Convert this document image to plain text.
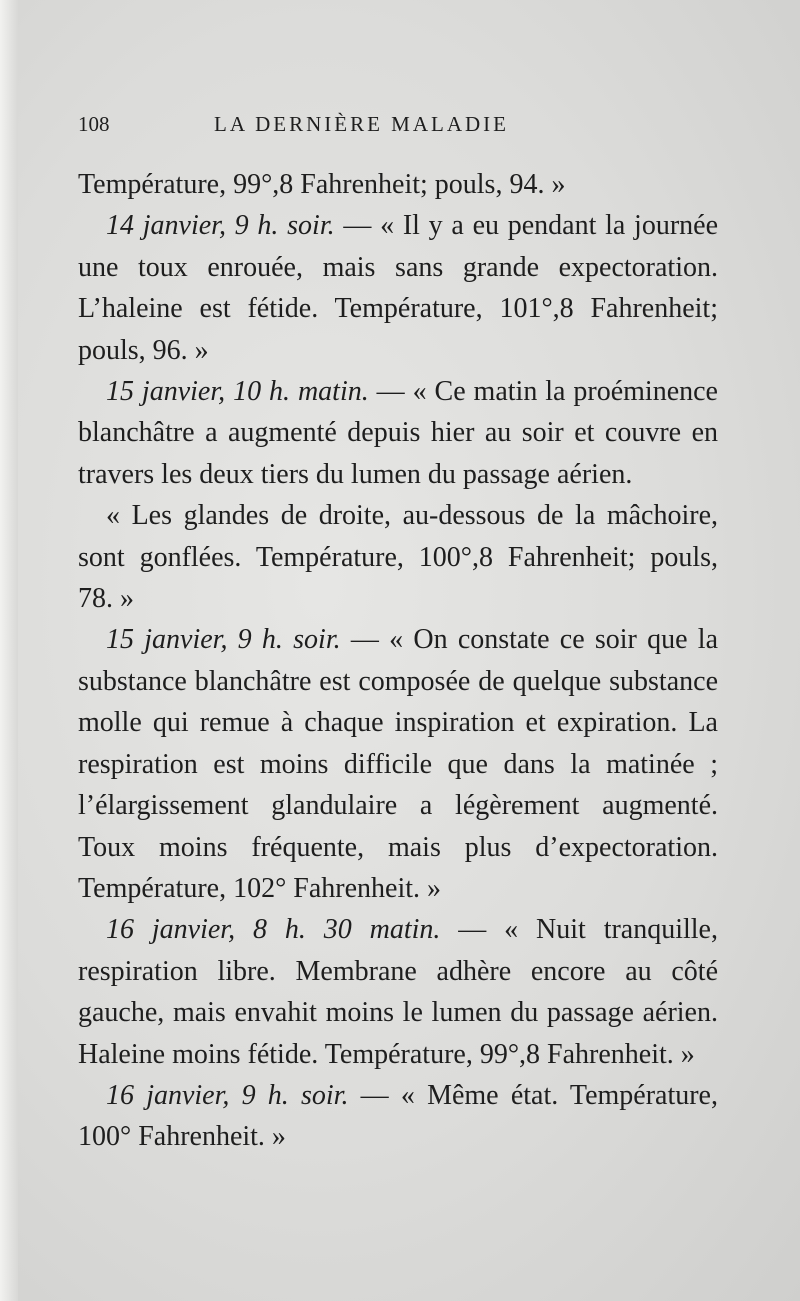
108	LA DERNIÈRE MALADIE

Température, 99°,8 Fahrenheit; pouls, 94. »

14 janvier, 9 h. soir. — « Il y a eu pendant la journée une toux enrouée, mais sans grande expectoration. L’haleine est fétide. Température, 101°,8 Fahrenheit; pouls, 96. »

15 janvier, 10 h. matin. — « Ce matin la proéminence blanchâtre a augmenté depuis hier au soir et couvre en travers les deux tiers du lumen du passage aérien.

« Les glandes de droite, au-dessous de la mâchoire, sont gonflées. Température, 100°,8 Fahrenheit; pouls, 78. »

15 janvier, 9 h. soir. — « On constate ce soir que la substance blanchâtre est composée de quelque substance molle qui remue à chaque inspiration et expiration. La respiration est moins difficile que dans la matinée ; l’élargissement glandulaire a légèrement augmenté. Toux moins fréquente, mais plus d’expectoration. Température, 102° Fahrenheit. »

16 janvier, 8 h. 30 matin. — « Nuit tranquille, respiration libre. Membrane adhère encore au côté gauche, mais envahit moins le lumen du passage aérien. Haleine moins fétide. Température, 99°,8 Fahrenheit. »

16 janvier, 9 h. soir. — « Même état. Température, 100° Fahrenheit. »
